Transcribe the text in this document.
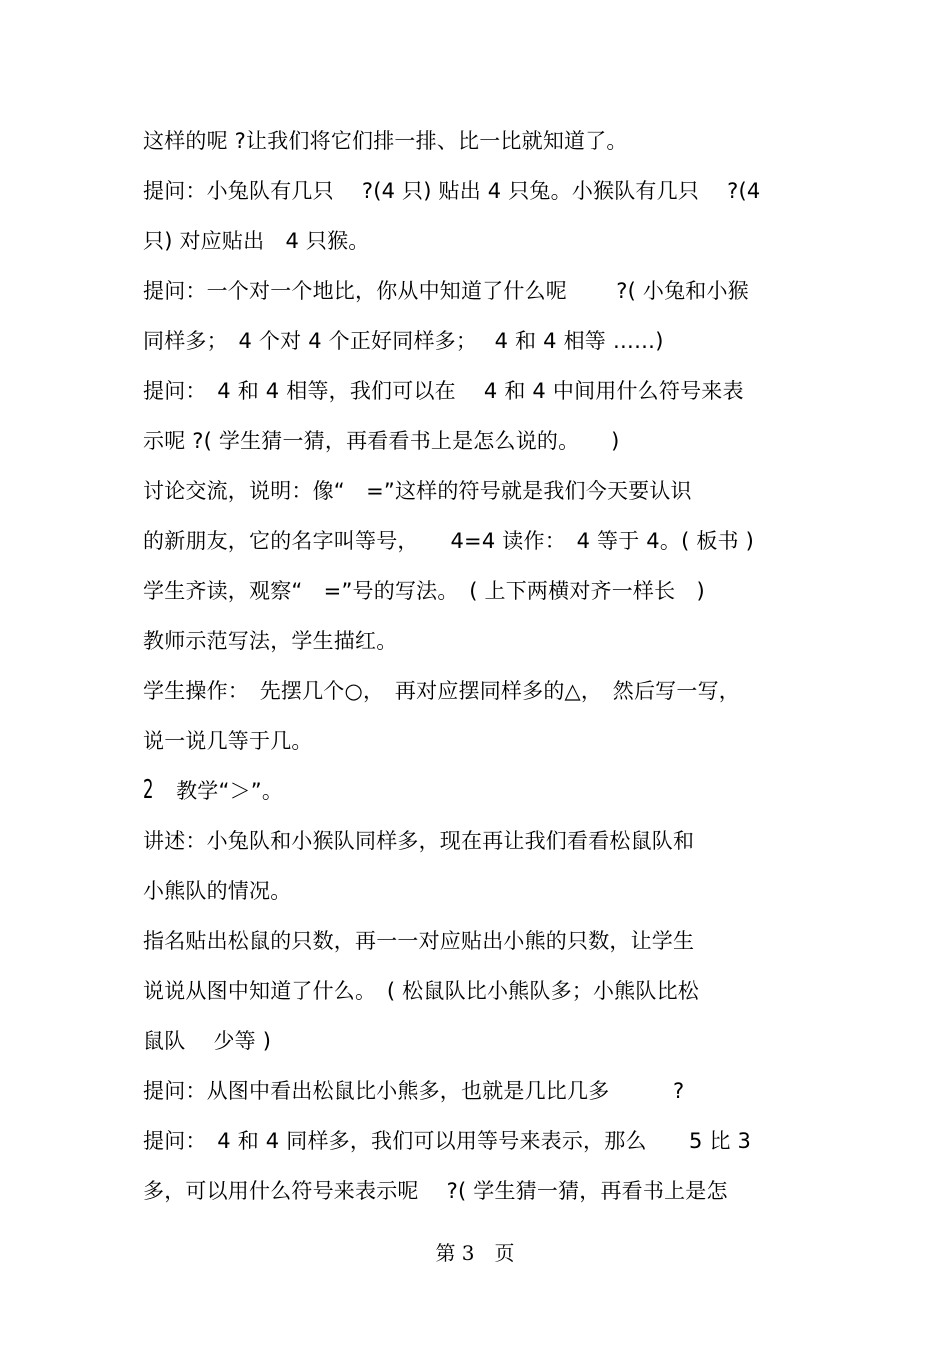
这样的呢 ?让我们将它们排一排、比一比就知道了。
提问：小兔队有几只　 ?(4 只) 贴出 4 只兔。小猴队有几只　 ?(4
只) 对应贴出　4 只猴。
提问：一个对一个地比，你从中知道了什么呢　　 ?( 小兔和小猴
同样多；　4 个对 4 个正好同样多；　 4 和 4 相等 ……)
提问：　4 和 4 相等，我们可以在　 4 和 4 中间用什么符号来表
示呢 ?( 学生猜一猜，再看看书上是怎么说的。　　)
讨论交流，说明：像“　=”这样的符号就是我们今天要认识
的新朋友，它的名字叫等号，　　4=4 读作：　4 等于 4。( 板书 )
学生齐读，观察“　=”号的写法。　( 上下两横对齐一样长　)
教师示范写法，学生描红。
学生操作：　先摆几个○，　再对应摆同样多的△，　然后写一写，
说一说几等于几。
2 教学“＞”。
讲述：小兔队和小猴队同样多，现在再让我们看看松鼠队和
小熊队的情况。
指名贴出松鼠的只数，再一一对应贴出小熊的只数，让学生
说说从图中知道了什么。　( 松鼠队比小熊队多；小熊队比松
鼠队　 少等 )
提问：从图中看出松鼠比小熊多，也就是几比几多　　　?
提问：　4 和 4 同样多，我们可以用等号来表示，那么　　5 比 3
多，可以用什么符号来表示呢　 ?( 学生猜一猜，再看书上是怎
第 3　页
